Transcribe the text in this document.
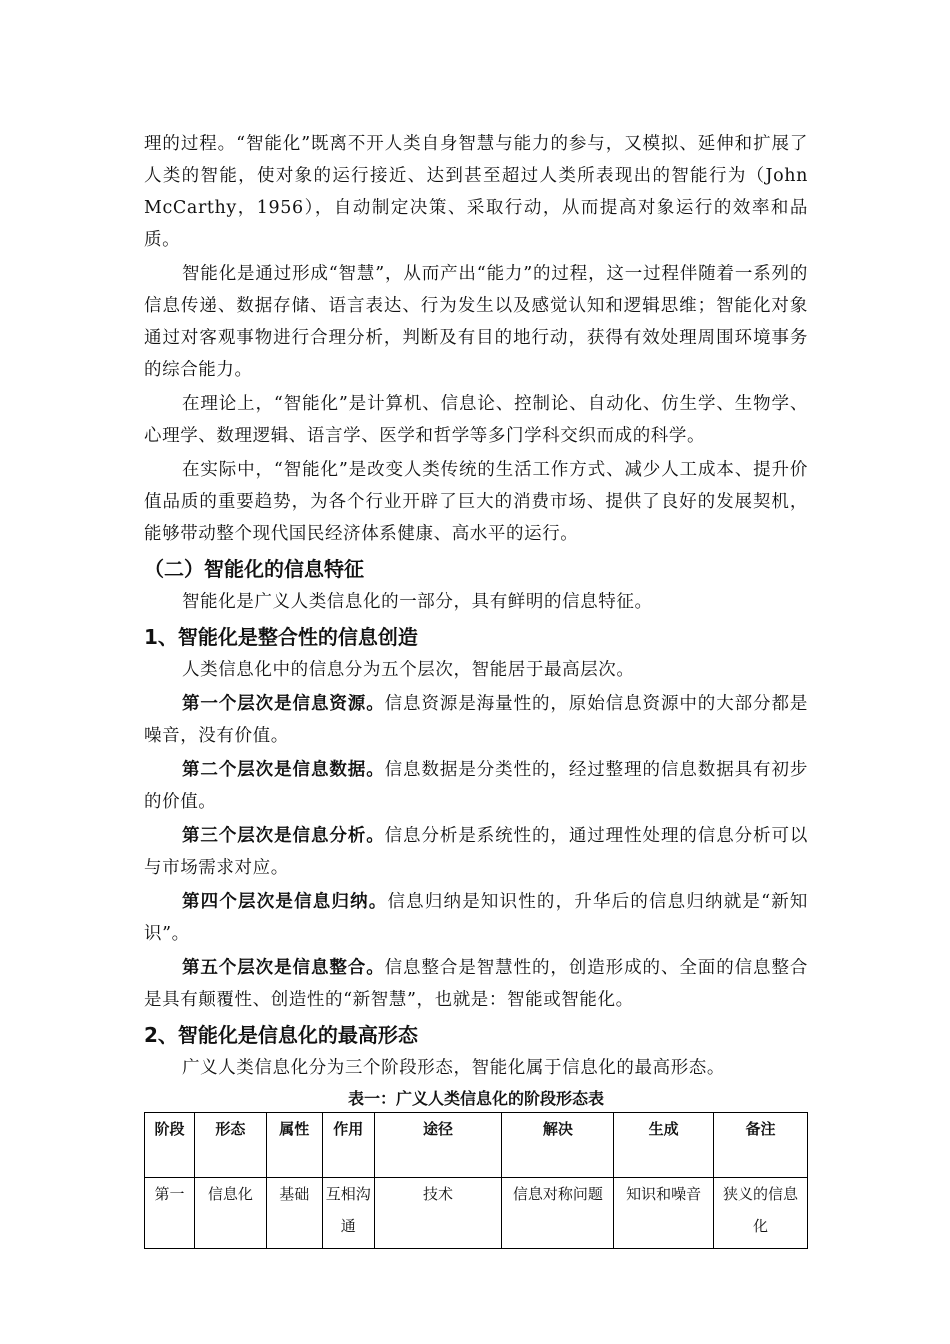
理的过程。“智能化”既离不开人类自身智慧与能力的参与，又模拟、延伸和扩展了人类的智能，使对象的运行接近、达到甚至超过人类所表现出的智能行为（John McCarthy，1956），自动制定决策、采取行动，从而提高对象运行的效率和品质。

智能化是通过形成“智慧”，从而产出“能力”的过程，这一过程伴随着一系列的信息传递、数据存储、语言表达、行为发生以及感觉认知和逻辑思维；智能化对象通过对客观事物进行合理分析，判断及有目的地行动，获得有效处理周围环境事务的综合能力。

在理论上，“智能化”是计算机、信息论、控制论、自动化、仿生学、生物学、心理学、数理逻辑、语言学、医学和哲学等多门学科交织而成的科学。

在实际中，“智能化”是改变人类传统的生活工作方式、减少人工成本、提升价值品质的重要趋势，为各个行业开辟了巨大的消费市场、提供了良好的发展契机，能够带动整个现代国民经济体系健康、高水平的运行。

（二）智能化的信息特征

智能化是广义人类信息化的一部分，具有鲜明的信息特征。

1、智能化是整合性的信息创造

人类信息化中的信息分为五个层次，智能居于最高层次。

第一个层次是信息资源。信息资源是海量性的，原始信息资源中的大部分都是噪音，没有价值。

第二个层次是信息数据。信息数据是分类性的，经过整理的信息数据具有初步的价值。

第三个层次是信息分析。信息分析是系统性的，通过理性处理的信息分析可以与市场需求对应。

第四个层次是信息归纳。信息归纳是知识性的，升华后的信息归纳就是“新知识”。

第五个层次是信息整合。信息整合是智慧性的，创造形成的、全面的信息整合是具有颠覆性、创造性的“新智慧”，也就是：智能或智能化。

2、智能化是信息化的最高形态

广义人类信息化分为三个阶段形态，智能化属于信息化的最高形态。

表一：广义人类信息化的阶段形态表
阶段	形态	属性	作用	途径	解决	生成	备注
第一	信息化	基础	互相沟通	技术	信息对称问题	知识和噪音	狭义的信息化
